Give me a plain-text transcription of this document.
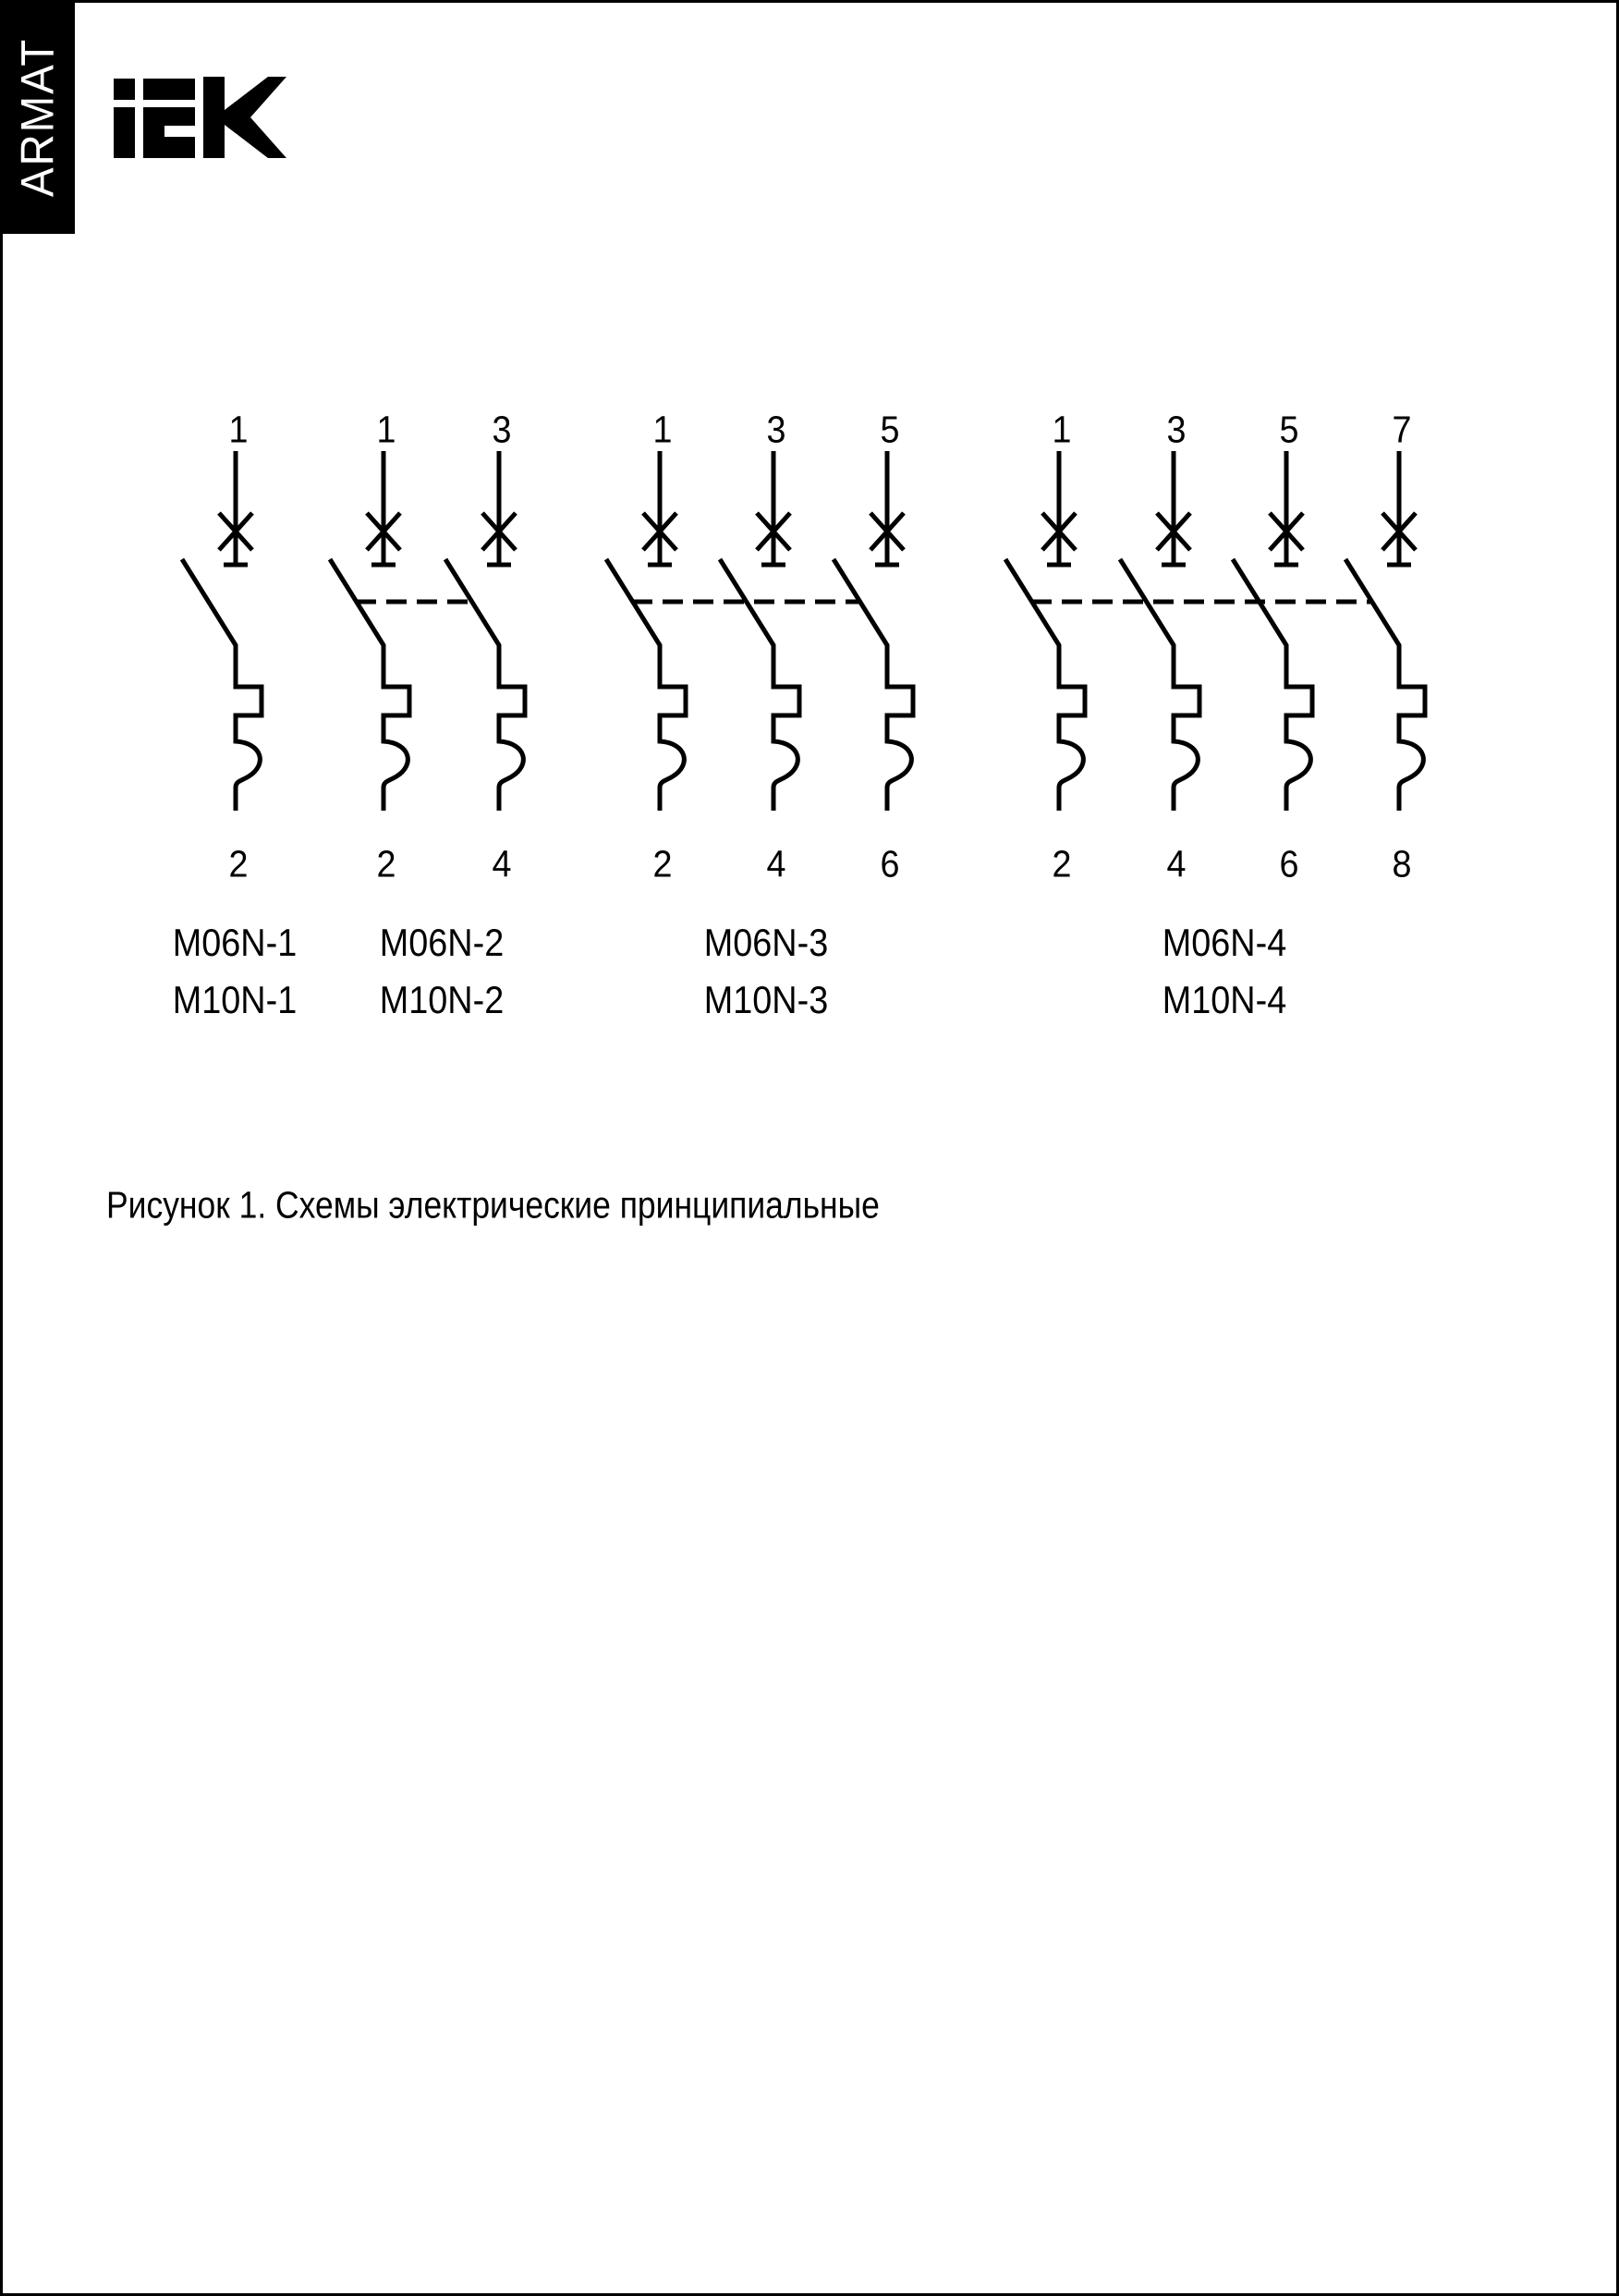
ARMAT
Рисунок 1. Схемы электрические принципиальные
1
2
M06N-1
M10N-1
1
2
3
4
M06N-2
M10N-2
1
2
3
4
5
6
M06N-3
M10N-3
1
2
3
4
5
6
7
8
M06N-4
M10N-4
